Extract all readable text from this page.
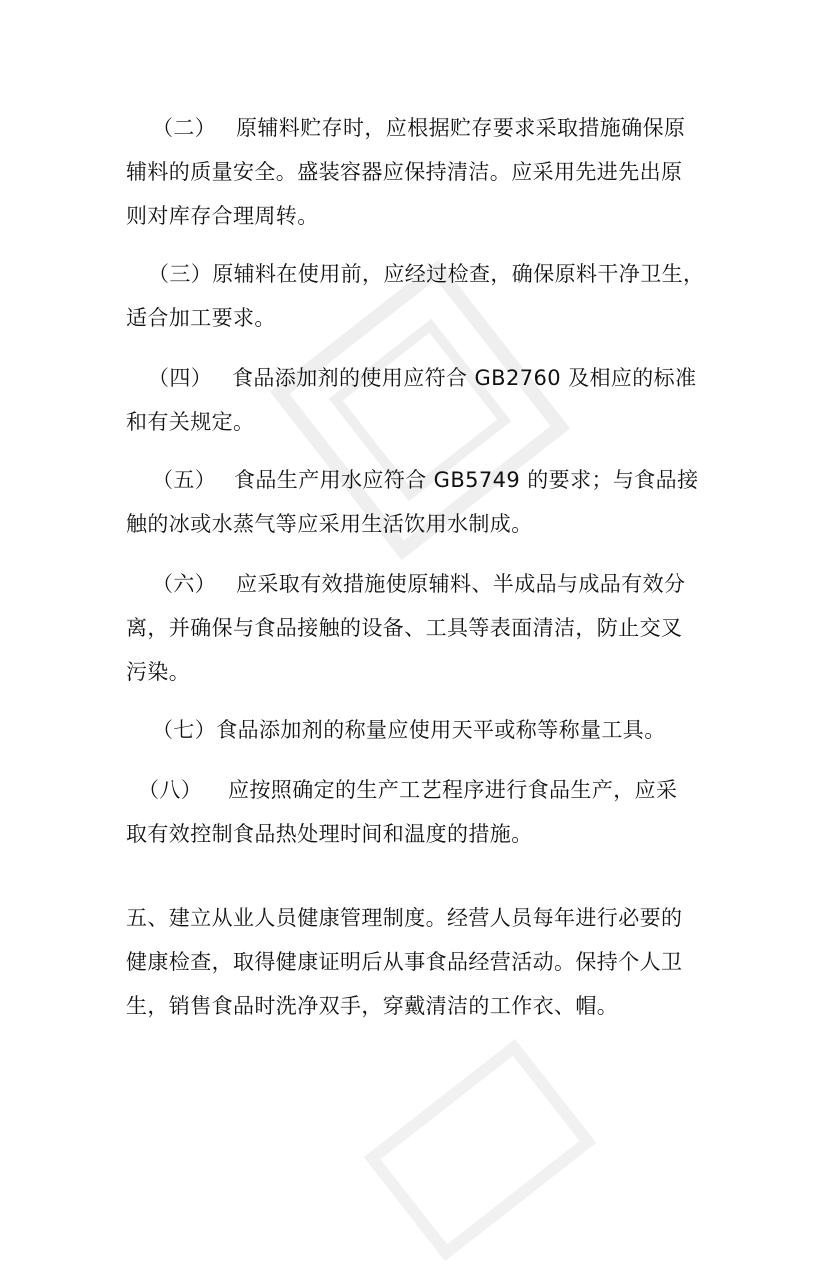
（二） 原辅料贮存时，应根据贮存要求采取措施确保原
辅料的质量安全。盛装容器应保持清洁。应采用先进先出原
则对库存合理周转。
（三）原辅料在使用前，应经过检查，确保原料干净卫生，
适合加工要求。
（四） 食品添加剂的使用应符合 GB2760 及相应的标准
和有关规定。
（五） 食品生产用水应符合 GB5749 的要求；与食品接
触的冰或水蒸气等应采用生活饮用水制成。
（六） 应采取有效措施使原辅料、半成品与成品有效分
离，并确保与食品接触的设备、工具等表面清洁，防止交叉
污染。
（七）食品添加剂的称量应使用天平或称等称量工具。
（八） 应按照确定的生产工艺程序进行食品生产，应采
取有效控制食品热处理时间和温度的措施。
五、建立从业人员健康管理制度。经营人员每年进行必要的
健康检查，取得健康证明后从事食品经营活动。保持个人卫
生，销售食品时洗净双手，穿戴清洁的工作衣、帽。
